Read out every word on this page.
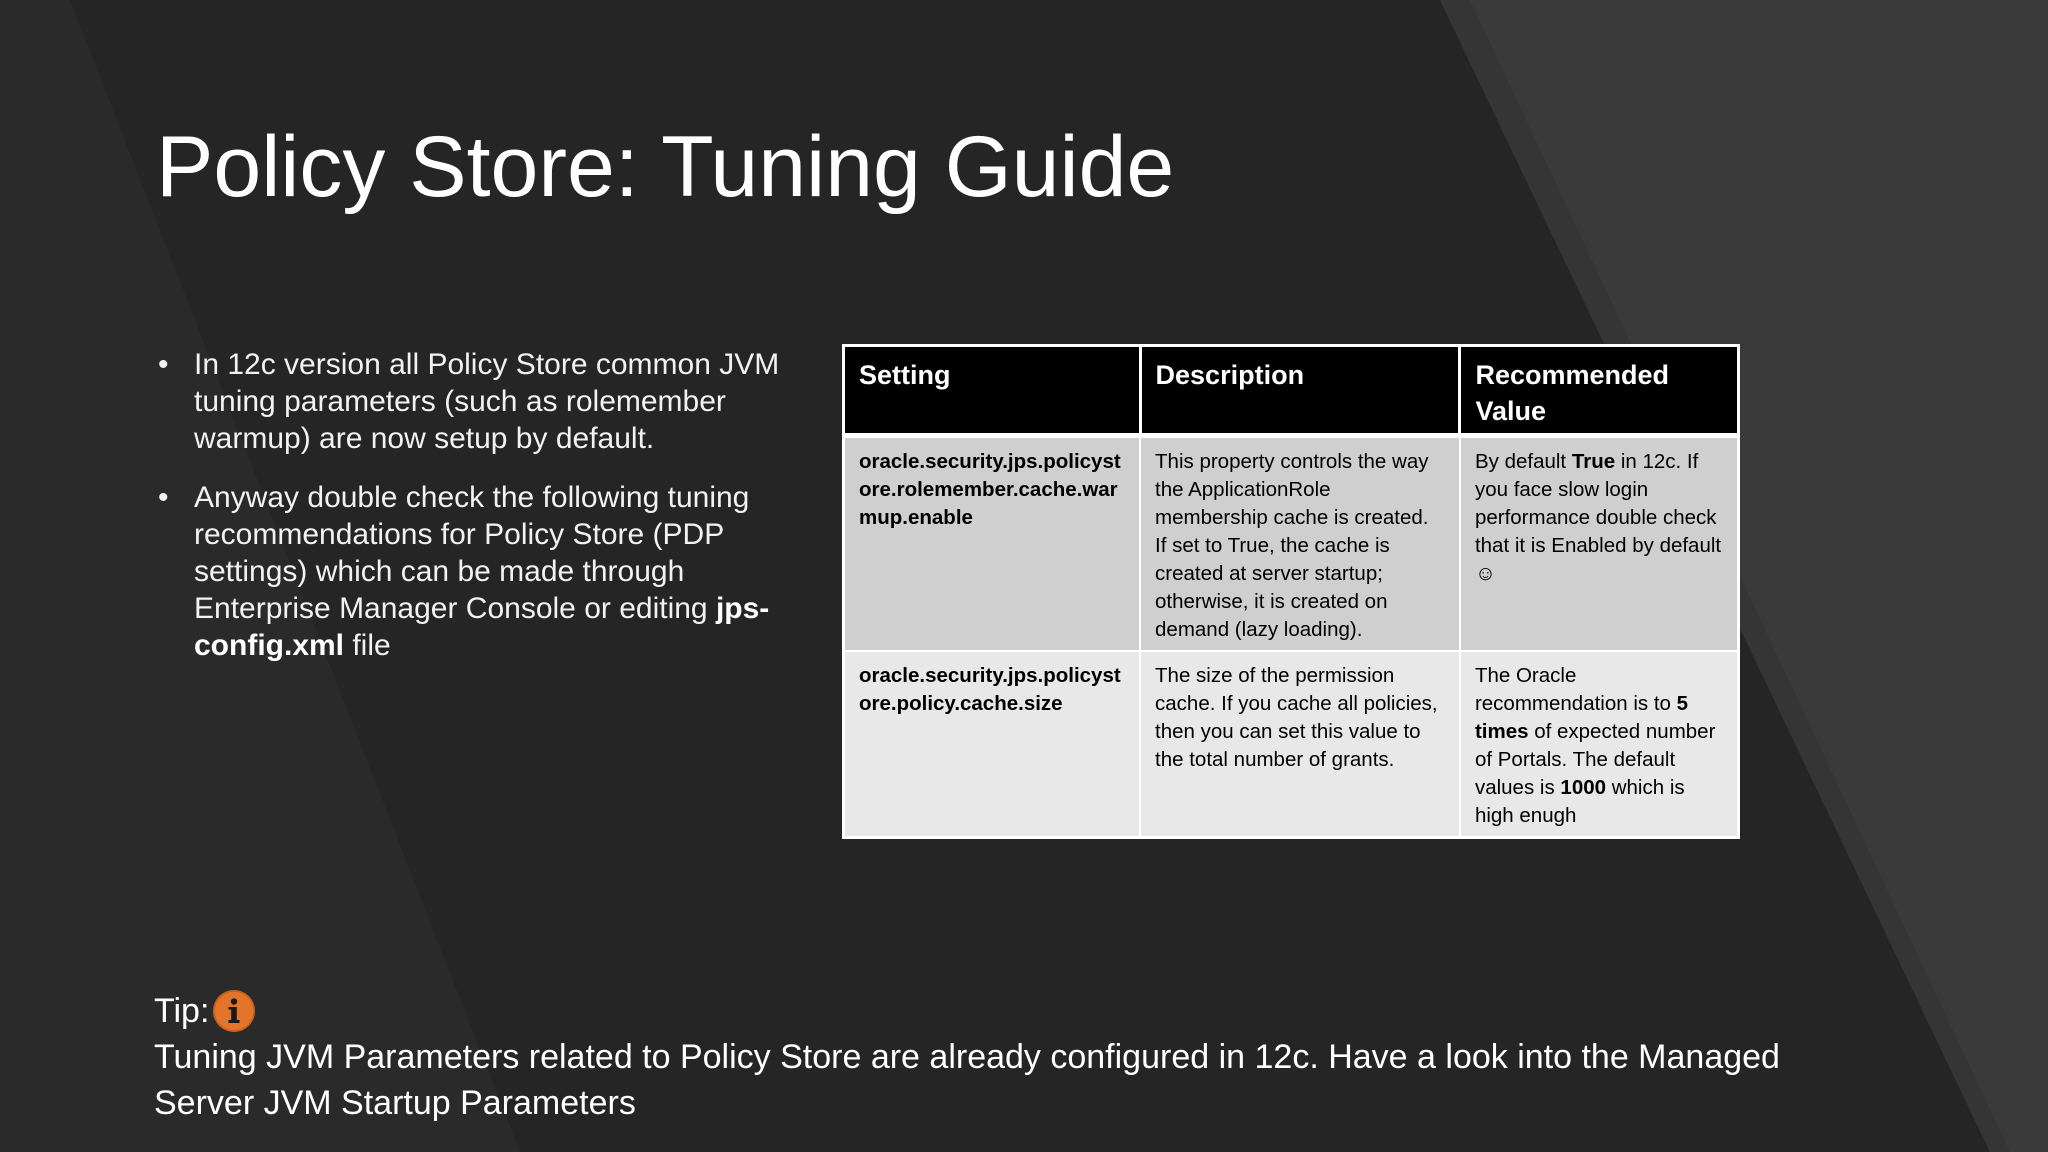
Policy Store: Tuning Guide
• In 12c version all Policy Store common JVM tuning parameters (such as rolemember warmup) are now setup by default.
• Anyway double check the following tuning recommendations for Policy Store (PDP settings) which can be made through Enterprise Manager Console or editing jps-config.xml file
Setting	Description	Recommended Value
oracle.security.jps.policystore.rolemember.cache.warmup.enable	This property controls the way the ApplicationRole membership cache is created. If set to True, the cache is created at server startup; otherwise, it is created on demand (lazy loading).	By default True in 12c. If you face slow login performance double check that it is Enabled by default ☺
oracle.security.jps.policystore.policy.cache.size	The size of the permission cache. If you cache all policies, then you can set this value to the total number of grants.	The Oracle recommendation is to 5 times of expected number of Portals. The default values is 1000 which is high enugh
Tip:
Tuning JVM Parameters related to Policy Store are already configured in 12c. Have a look into the Managed Server JVM Startup Parameters
